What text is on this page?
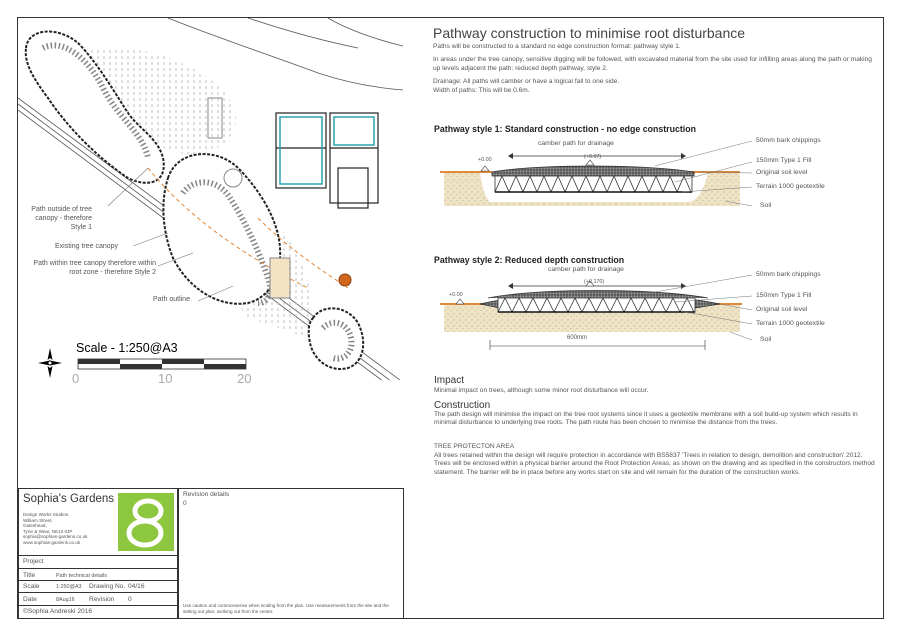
Path outside of tree canopy - therefore Style 1
Existing tree canopy
Path within tree canopy therefore within root zone - therefore Style 2
Path outline
Scale - 1:250@A3
0	10	20
Pathway construction to minimise root disturbance
Paths will be constructed to a standard no edge construction format: pathway style 1.
In areas under the tree canopy, sensitive digging will be followed, with excavated material from the site used for infilling areas along the path or making up levels adjacent the path: reduced depth pathway, style 2.
Drainage: All paths will camber or have a logical fall to one side.
Width of paths: This will be 0.6m.
Pathway style 1: Standard construction - no edge construction
camber path for drainage
+0.00	(+0.07)
50mm bark chippings
150mm Type 1 Fill
Original soil level
Terrain 1000 geotextile
Soil
Pathway style 2: Reduced depth construction
camber path for drainage
+0.00
(+0.170)
600mm
50mm bark chippings
150mm Type 1 Fill
Original soil level
Terrain 1000 geotextile
Soil
Impact
Minimal impact on trees, although some minor root disturbance will occur.
Construction
The path design will minimise the impact on the tree root systems since it uses a geotextile membrane with a soil build-up system which results in minimal disturbance to underlying tree roots. The path route has been chosen to minimise the distance from the trees.
TREE PROTECTON AREA
All trees retained within the design will require protection in accordance with BS5837 'Trees in relation to design, demolition and construction' 2012. Trees will be enclosed within a physical barrier around the Root Protection Areas, as shown on the drawing and as specified in the constructors method statement. The barrier will be in place before any works start on site and will remain for the duration of the construction works.
Sophia's Gardens
Design Works Studios
William Street,
Gateshead,
Tyne & Wear, NE10 0JP
sophia@sophias-gardens.co.uk
www.sophias-gardens.co.uk
Project
Title	Path technical details
Scale	1:250@A3 Drawing No. 04/16
Date	8Aug16 Revision 0
©Sophia Andreski 2016
Revision details
0
Use caution and commonsense when scaling from the plan. Use measurements from the site and the setting out plan, working out from the center.
